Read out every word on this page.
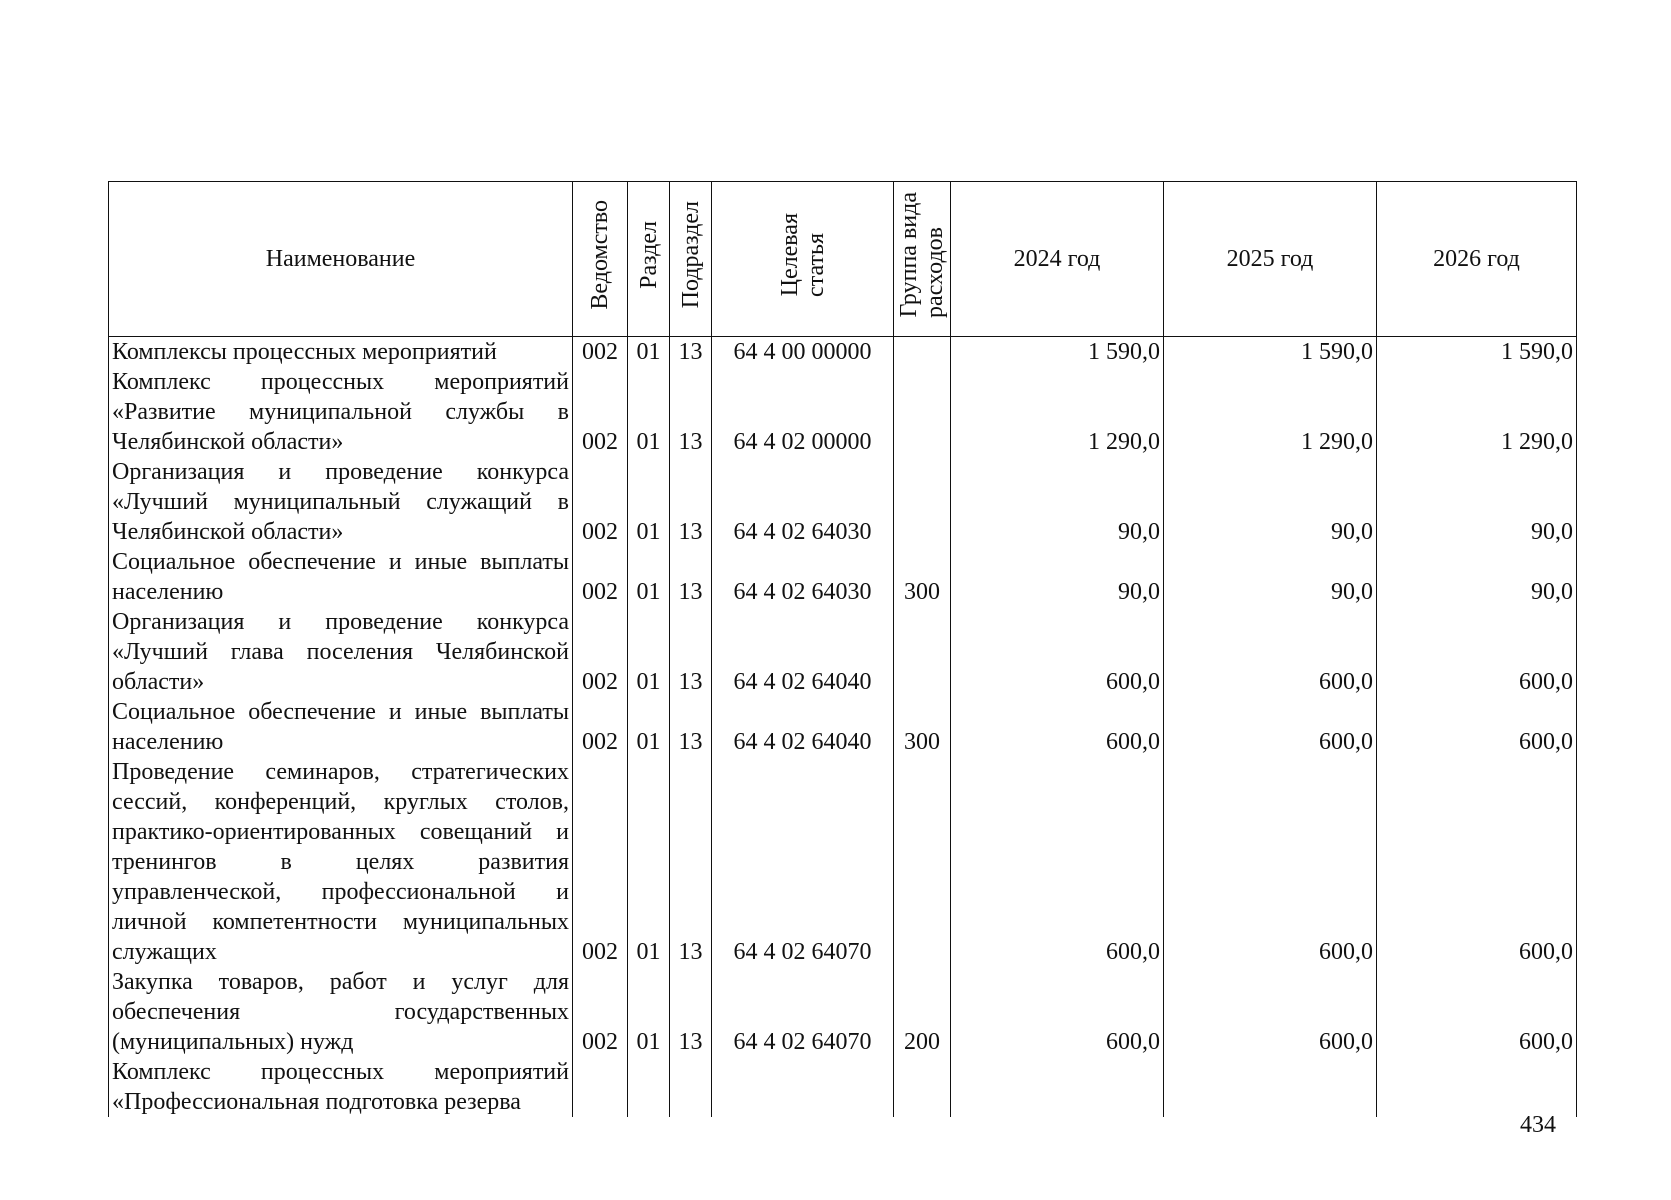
Наименование	Ведомство	Раздел	Подраздел	Целеваястатья	Группа видарасходов	2024 год	2025 год	2026 год
Комплексы процессных мероприятий	002	01	13	64 4 00 00000		1 590,0	1 590,0	1 590,0
Комплекс процессных мероприятий «Развитие муниципальной службы в Челябинской области»	002	01	13	64 4 02 00000		1 290,0	1 290,0	1 290,0
Организация и проведение конкурса «Лучший муниципальный служащий в Челябинской области»	002	01	13	64 4 02 64030		90,0	90,0	90,0
Социальное обеспечение и иные выплаты населению	002	01	13	64 4 02 64030	300	90,0	90,0	90,0
Организация и проведение конкурса «Лучший глава поселения Челябинской области»	002	01	13	64 4 02 64040		600,0	600,0	600,0
Социальное обеспечение и иные выплаты населению	002	01	13	64 4 02 64040	300	600,0	600,0	600,0
Проведение семинаров, стратегических сессий, конференций, круглых столов, практико-ориентированных совещаний и тренингов в целях развития управленческой, профессиональной и личной компетентности муниципальных служащих	002	01	13	64 4 02 64070		600,0	600,0	600,0
Закупка товаров, работ и услуг для обеспечения государственных (муниципальных) нужд	002	01	13	64 4 02 64070	200	600,0	600,0	600,0
Комплекс процессных мероприятий «Профессиональная подготовка резерва								
434
